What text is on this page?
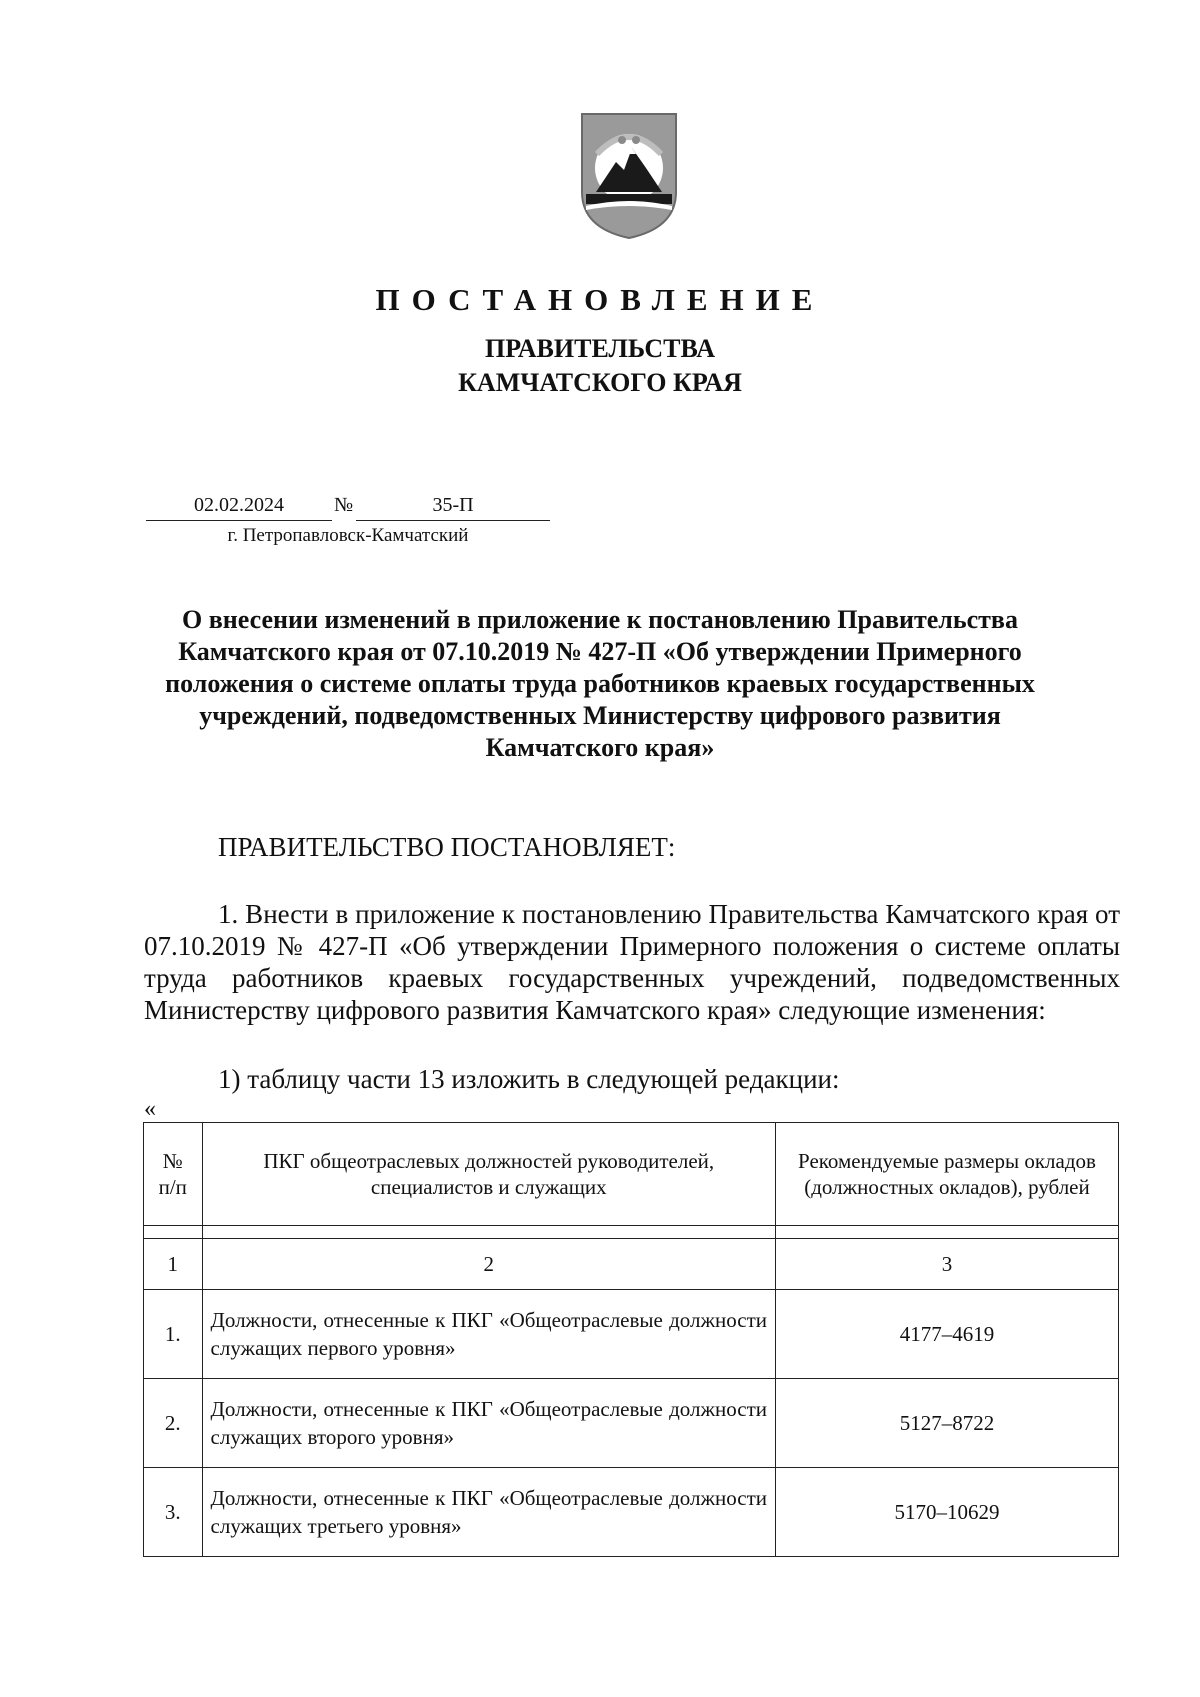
ПОСТАНОВЛЕНИЕ
ПРАВИТЕЛЬСТВА
КАМЧАТСКОГО КРАЯ
02.02.2024	№	35-П
г. Петропавловск-Камчатский
О внесении изменений в приложение к постановлению Правительства Камчатского края от 07.10.2019 № 427-П «Об утверждении Примерного положения о системе оплаты труда работников краевых государственных учреждений, подведомственных Министерству цифрового развития Камчатского края»
ПРАВИТЕЛЬСТВО ПОСТАНОВЛЯЕТ:
1. Внести в приложение к постановлению Правительства Камчатского края от 07.10.2019 № 427-П «Об утверждении Примерного положения о системе оплаты труда работников краевых государственных учреждений, подведомственных Министерству цифрового развития Камчатского края» следующие изменения:
1) таблицу части 13 изложить в следующей редакции:
«
№ п/п	ПКГ общеотраслевых должностей руководителей, специалистов и служащих	Рекомендуемые размеры окладов (должностных окладов), рублей

1	2	3
1.	Должности, отнесенные к ПКГ «Общеотраслевые должности служащих первого уровня»	4177–4619
2.	Должности, отнесенные к ПКГ «Общеотраслевые должности служащих второго уровня»	5127–8722
3.	Должности, отнесенные к ПКГ «Общеотраслевые должности служащих третьего уровня»	5170–10629
